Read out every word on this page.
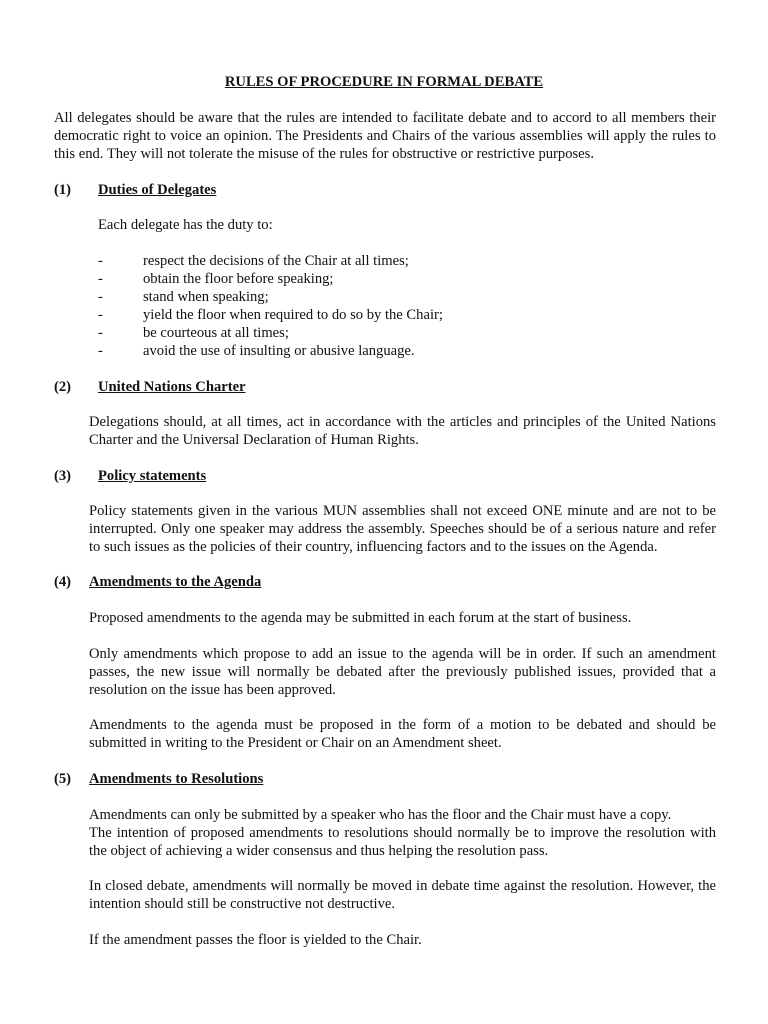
RULES OF PROCEDURE IN FORMAL DEBATE
All delegates should be aware that the rules are intended to facilitate debate and to accord to all members their democratic right to voice an opinion. The Presidents and Chairs of the various assemblies will apply the rules to this end. They will not tolerate the misuse of the rules for obstructive or restrictive purposes.
(1) Duties of Delegates
Each delegate has the duty to:
-	respect the decisions of the Chair at all times;
-	obtain the floor before speaking;
-	stand when speaking;
-	yield the floor when required to do so by the Chair;
-	be courteous at all times;
-	avoid the use of insulting or abusive language.
(2) United Nations Charter
Delegations should, at all times, act in accordance with the articles and principles of the United Nations Charter and the Universal Declaration of Human Rights.
(3) Policy statements
Policy statements given in the various MUN assemblies shall not exceed ONE minute and are not to be interrupted. Only one speaker may address the assembly. Speeches should be of a serious nature and refer to such issues as the policies of their country, influencing factors and to the issues on the Agenda.
(4) Amendments to the Agenda
Proposed amendments to the agenda may be submitted in each forum at the start of business.
Only amendments which propose to add an issue to the agenda will be in order. If such an amendment passes, the new issue will normally be debated after the previously published issues, provided that a resolution on the issue has been approved.
Amendments to the agenda must be proposed in the form of a motion to be debated and should be submitted in writing to the President or Chair on an Amendment sheet.
(5) Amendments to Resolutions
Amendments can only be submitted by a speaker who has the floor and the Chair must have a copy.
The intention of proposed amendments to resolutions should normally be to improve the resolution with the object of achieving a wider consensus and thus helping the resolution pass.
In closed debate, amendments will normally be moved in debate time against the resolution. However, the intention should still be constructive not destructive.
If the amendment passes the floor is yielded to the Chair.
